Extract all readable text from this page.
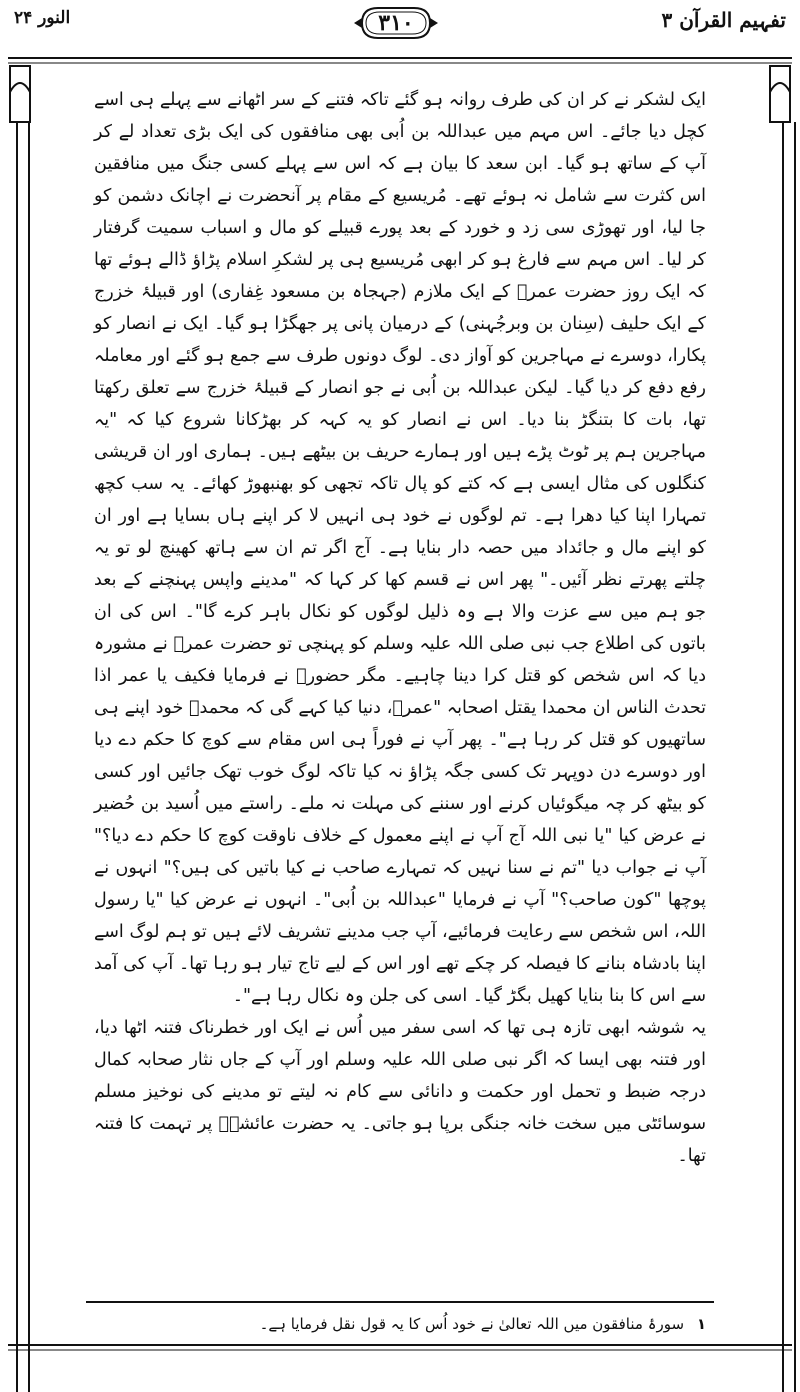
تفہیم القرآن ۳
۳۱۰
النور ۲۴

ایک لشکر نے کر ان کی طرف روانہ ہو گئے تاکہ فتنے کے سر اٹھانے سے پہلے ہی اسے کچل دیا جائے۔ اس مہم میں عبداللہ بن اُبی بھی منافقوں کی ایک بڑی تعداد لے کر آپ کے ساتھ ہو گیا۔ ابن سعد کا بیان ہے کہ اس سے پہلے کسی جنگ میں منافقین اس کثرت سے شامل نہ ہوئے تھے۔ مُریسیع کے مقام پر آنحضرت نے اچانک دشمن کو جا لیا، اور تھوڑی سی زد و خورد کے بعد پورے قبیلے کو مال و اسباب سمیت گرفتار کر لیا۔ اس مہم سے فارغ ہو کر ابھی مُریسیع ہی پر لشکرِ اسلام پڑاؤ ڈالے ہوئے تھا کہ ایک روز حضرت عمرؓ کے ایک ملازم (جہجاہ بن مسعود غِفاری) اور قبیلۂ خزرج کے ایک حلیف (سِنان بن وبرجُہنی) کے درمیان پانی پر جھگڑا ہو گیا۔ ایک نے انصار کو پکارا، دوسرے نے مہاجرین کو آواز دی۔ لوگ دونوں طرف سے جمع ہو گئے اور معاملہ رفع دفع کر دیا گیا۔ لیکن عبداللہ بن اُبی نے جو انصار کے قبیلۂ خزرج سے تعلق رکھتا تھا، بات کا بتنگڑ بنا دیا۔ اس نے انصار کو یہ کہہ کر بھڑکانا شروع کیا کہ "یہ مہاجرین ہم پر ٹوٹ پڑے ہیں اور ہمارے حریف بن بیٹھے ہیں۔ ہماری اور ان قریشی کنگلوں کی مثال ایسی ہے کہ کتے کو پال تاکہ تجھی کو بھنبھوڑ کھائے۔ یہ سب کچھ تمہارا اپنا کیا دھرا ہے۔ تم لوگوں نے خود ہی انہیں لا کر اپنے ہاں بسایا ہے اور ان کو اپنے مال و جائداد میں حصہ دار بنایا ہے۔ آج اگر تم ان سے ہاتھ کھینچ لو تو یہ چلتے پھرتے نظر آئیں۔" پھر اس نے قسم کھا کر کہا کہ "مدینے واپس پہنچنے کے بعد جو ہم میں سے عزت والا ہے وہ ذلیل لوگوں کو نکال باہر کرے گا"۔ اس کی ان باتوں کی اطلاع جب نبی صلی اللہ علیہ وسلم کو پہنچی تو حضرت عمرؓ نے مشورہ دیا کہ اس شخص کو قتل کرا دینا چاہیے۔ مگر حضورؐ نے فرمایا فکیف یا عمر اذا تحدث الناس ان محمدا یقتل اصحابہ "عمرؓ، دنیا کیا کہے گی کہ محمدؐ خود اپنے ہی ساتھیوں کو قتل کر رہا ہے"۔ پھر آپ نے فوراً ہی اس مقام سے کوچ کا حکم دے دیا اور دوسرے دن دوپہر تک کسی جگہ پڑاؤ نہ کیا تاکہ لوگ خوب تھک جائیں اور کسی کو بیٹھ کر چہ میگوئیاں کرنے اور سننے کی مہلت نہ ملے۔ راستے میں اُسید بن حُضیر نے عرض کیا "یا نبی اللہ آج آپ نے اپنے معمول کے خلاف ناوقت کوچ کا حکم دے دیا؟" آپ نے جواب دیا "تم نے سنا نہیں کہ تمہارے صاحب نے کیا باتیں کی ہیں؟" انہوں نے پوچھا "کون صاحب؟" آپ نے فرمایا "عبداللہ بن اُبی"۔ انہوں نے عرض کیا "یا رسول اللہ، اس شخص سے رعایت فرمائیے، آپ جب مدینے تشریف لائے ہیں تو ہم لوگ اسے اپنا بادشاہ بنانے کا فیصلہ کر چکے تھے اور اس کے لیے تاج تیار ہو رہا تھا۔ آپ کی آمد سے اس کا بنا بنایا کھیل بگڑ گیا۔ اسی کی جلن وہ نکال رہا ہے"۔

یہ شوشہ ابھی تازہ ہی تھا کہ اسی سفر میں اُس نے ایک اور خطرناک فتنہ اٹھا دیا، اور فتنہ بھی ایسا کہ اگر نبی صلی اللہ علیہ وسلم اور آپ کے جاں نثار صحابہ کمال درجہ ضبط و تحمل اور حکمت و دانائی سے کام نہ لیتے تو مدینے کی نوخیز مسلم سوسائٹی میں سخت خانہ جنگی برپا ہو جاتی۔ یہ حضرت عائشہؓ پر تہمت کا فتنہ تھا۔

۱ سورۂ منافقون میں اللہ تعالیٰ نے خود اُس کا یہ قول نقل فرمایا ہے۔
